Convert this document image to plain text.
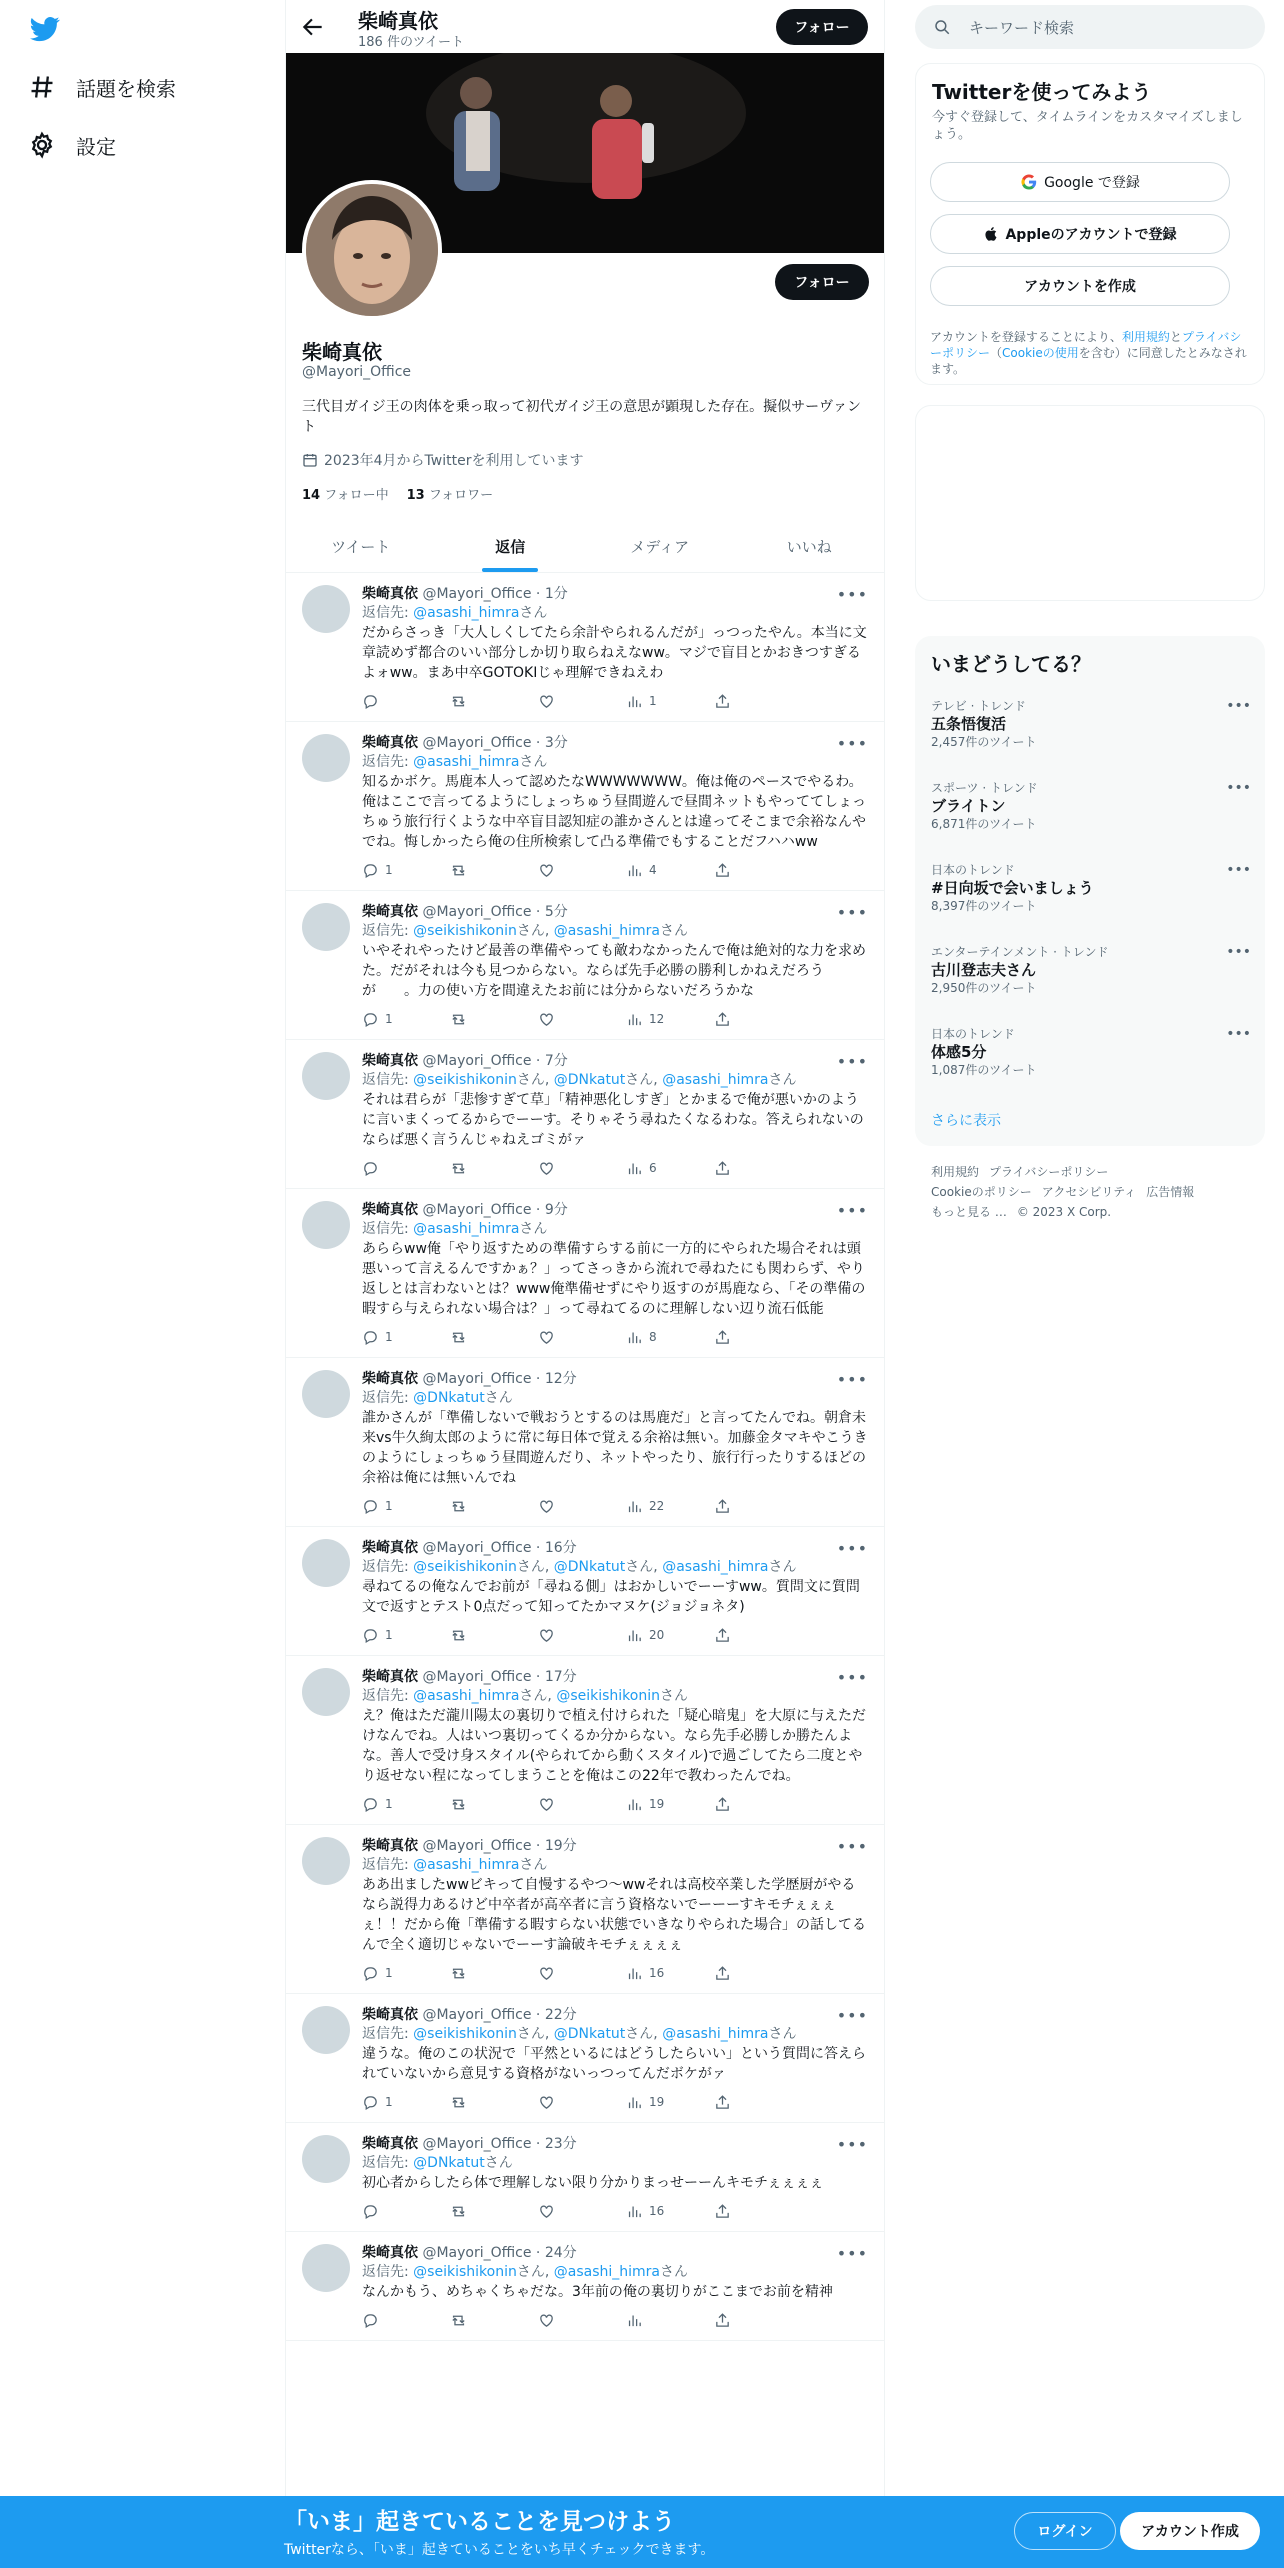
話題を検索
設定
柴崎真依
186 件のツイート
フォロー
フォロー
柴崎真依
@Mayori_Office
三代目ガイジ王の肉体を乗っ取って初代ガイジ王の意思が顕現した存在。擬似サーヴァント
2023年4月からTwitterを利用しています
14 フォロー中 13 フォロワー
ツイート	返信	メディア	いいね
柴崎真依 @Mayori_Office · 1分	•••
返信先: @asashi_himraさん
だからさっき「大人しくしてたら余計やられるんだが」っつったやん。本当に文章読めず都合のいい部分しか切り取らねえなww。マジで盲目とかおきつすぎるよォww。まあ中卒GOTOKIじゃ理解できねえわ
1
柴崎真依 @Mayori_Office · 3分	•••
返信先: @asashi_himraさん
知るかボケ。馬鹿本人って認めたなWWWWWWW。俺は俺のペースでやるわ。俺はここで言ってるようにしょっちゅう昼間遊んで昼間ネットもやっててしょっちゅう旅行行くような中卒盲目認知症の誰かさんとは違ってそこまで余裕なんやでね。悔しかったら俺の住所検索して凸る準備でもすることだフハハww
1	4
柴崎真依 @Mayori_Office · 5分	•••
返信先: @seikishikoninさん, @asashi_himraさん
いやそれやったけど最善の準備やっても敵わなかったんで俺は絶対的な力を求めた。だがそれは今も見つからない。ならば先手必勝の勝利しかねえだろうが　　。力の使い方を間違えたお前には分からないだろうかな
1	12
柴崎真依 @Mayori_Office · 7分	•••
返信先: @seikishikoninさん, @DNkatutさん, @asashi_himraさん
それは君らが「悲惨すぎて草」「精神悪化しすぎ」とかまるで俺が悪いかのように言いまくってるからでーーす。そりゃそう尋ねたくなるわな。答えられないのならば悪く言うんじゃねえゴミがァ
6
柴崎真依 @Mayori_Office · 9分	•••
返信先: @asashi_himraさん
あららww俺「やり返すための準備すらする前に一方的にやられた場合それは頭悪いって言えるんですかぁ？」ってさっきから流れで尋ねたにも関わらず、やり返しとは言わないとは？www俺準備せずにやり返すのが馬鹿なら、「その準備の暇すら与えられない場合は？」って尋ねてるのに理解しない辺り流石低能
1	8
柴崎真依 @Mayori_Office · 12分	•••
返信先: @DNkatutさん
誰かさんが「準備しないで戦おうとするのは馬鹿だ」と言ってたんでね。朝倉未来vs牛久絢太郎のように常に毎日体で覚える余裕は無い。加藤金タマキやこうきのようにしょっちゅう昼間遊んだり、ネットやったり、旅行行ったりするほどの余裕は俺には無いんでね
1	22
柴崎真依 @Mayori_Office · 16分	•••
返信先: @seikishikoninさん, @DNkatutさん, @asashi_himraさん
尋ねてるの俺なんでお前が「尋ねる側」はおかしいでーーすww。質問文に質問文で返すとテスト0点だって知ってたかマヌケ(ジョジョネタ)
1	20
柴崎真依 @Mayori_Office · 17分	•••
返信先: @asashi_himraさん, @seikishikoninさん
え？俺はただ瀧川陽太の裏切りで植え付けられた「疑心暗鬼」を大原に与えただけなんでね。人はいつ裏切ってくるか分からない。なら先手必勝しか勝たんよな。善人で受け身スタイル(やられてから動くスタイル)で過ごしてたら二度とやり返せない程になってしまうことを俺はこの22年で教わったんでね。
1	19
柴崎真依 @Mayori_Office · 19分	•••
返信先: @asashi_himraさん
ああ出ましたwwビキって自慢するやつ〜wwそれは高校卒業した学歴厨がやるなら説得力あるけど中卒者が高卒者に言う資格ないでーーーすキモチぇぇぇぇ！！だから俺「準備する暇すらない状態でいきなりやられた場合」の話してるんで全く適切じゃないでーーす論破キモチぇぇぇぇ
1	16
柴崎真依 @Mayori_Office · 22分	•••
返信先: @seikishikoninさん, @DNkatutさん, @asashi_himraさん
違うな。俺のこの状況で「平然といるにはどうしたらいい」という質問に答えられていないから意見する資格がないっつってんだボケがァ
1	19
柴崎真依 @Mayori_Office · 23分	•••
返信先: @DNkatutさん
初心者からしたら体で理解しない限り分かりまっせーーんキモチぇぇぇぇ
16
柴崎真依 @Mayori_Office · 24分	•••
返信先: @seikishikoninさん, @asashi_himraさん
なんかもう、めちゃくちゃだな。3年前の俺の裏切りがここまでお前を精神
キーワード検索
Twitterを使ってみよう
今すぐ登録して、タイムラインをカスタマイズしましょう。
Google で登録
Appleのアカウントで登録
アカウントを作成
アカウントを登録することにより、利用規約とプライバシーポリシー（Cookieの使用を含む）に同意したとみなされます。
いまどうしてる？
テレビ · トレンド
五条悟復活
2,457件のツイート
•••
スポーツ · トレンド
ブライトン
6,871件のツイート
•••
日本のトレンド
#日向坂で会いましょう
8,397件のツイート
•••
エンターテインメント · トレンド
古川登志夫さん
2,950件のツイート
•••
日本のトレンド
体感5分
1,087件のツイート
•••
さらに表示
利用規約 プライバシーポリシー
Cookieのポリシー アクセシビリティ 広告情報
もっと見る … © 2023 X Corp.
「いま」起きていることを見つけよう
Twitterなら、「いま」起きていることをいち早くチェックできます。
ログイン	アカウント作成
